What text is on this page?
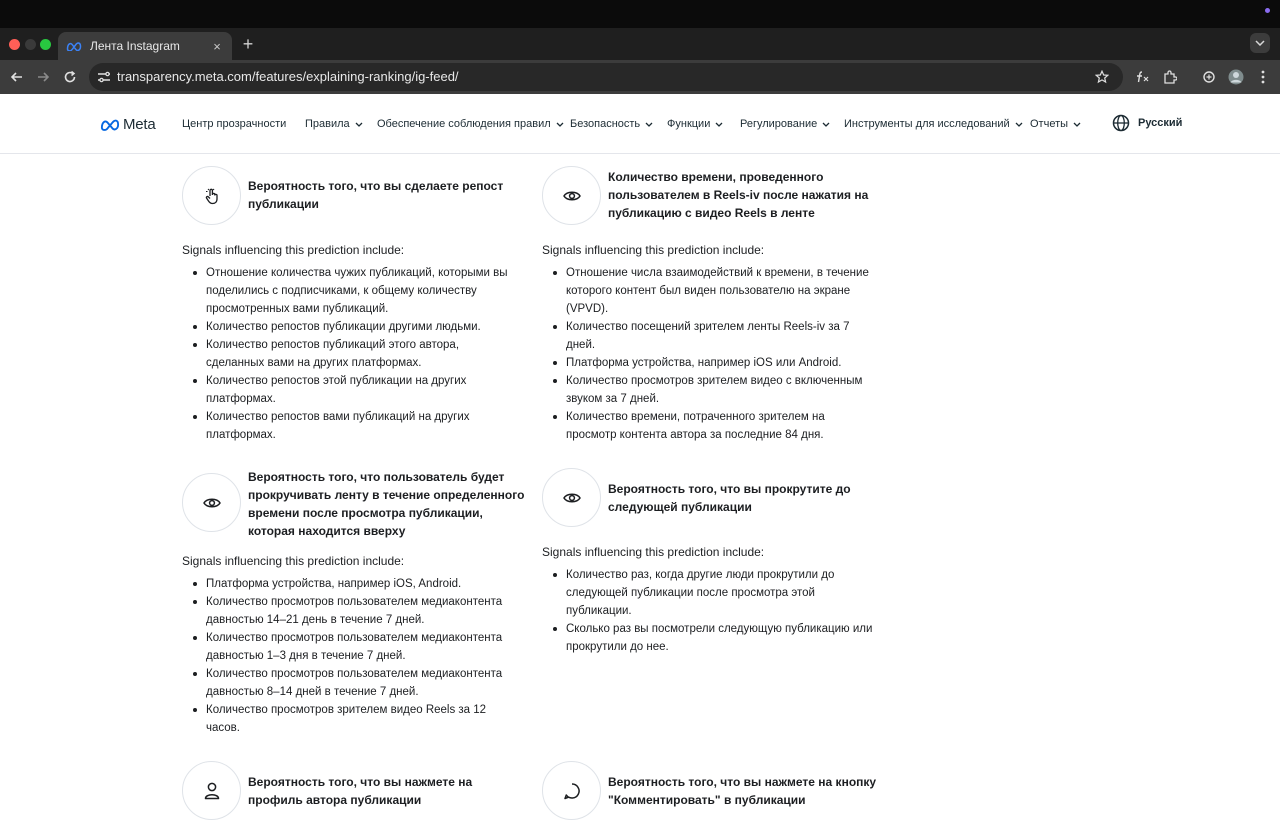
Лента Instagram	× +
transparency.meta.com/features/explaining-ranking/ig-feed/
Meta Центр прозрачности Правила Обеспечение соблюдения правил Безопасность Функции	Регулирование Инструменты для исследований Отчеты	Русский
Вероятность того, что вы сделаете репост публикации
Signals influencing this prediction include:
Отношение количества чужих публикаций, которыми вы поделились с подписчиками, к общему количеству просмотренных вами публикаций.
Количество репостов публикации другими людьми.
Количество репостов публикаций этого автора, сделанных вами на других платформах.
Количество репостов этой публикации на других платформах.
Количество репостов вами публикаций на других платформах.
Количество времени, проведенного пользователем в Reels-iv после нажатия на публикацию с видео Reels в ленте
Signals influencing this prediction include:
Отношение числа взаимодействий к времени, в течение которого контент был виден пользователю на экране (VPVD).
Количество посещений зрителем ленты Reels-iv за 7 дней.
Платформа устройства, например iOS или Android.
Количество просмотров зрителем видео с включенным звуком за 7 дней.
Количество времени, потраченного зрителем на просмотр контента автора за последние 84 дня.
Вероятность того, что пользователь будет прокручивать ленту в течение определенного времени после просмотра публикации, которая находится вверху
Signals influencing this prediction include:
Платформа устройства, например iOS, Android.
Количество просмотров пользователем медиаконтента давностью 14–21 день в течение 7 дней.
Количество просмотров пользователем медиаконтента давностью 1–3 дня в течение 7 дней.
Количество просмотров пользователем медиаконтента давностью 8–14 дней в течение 7 дней.
Количество просмотров зрителем видео Reels за 12 часов.
Вероятность того, что вы прокрутите до следующей публикации
Signals influencing this prediction include:
Количество раз, когда другие люди прокрутили до следующей публикации после просмотра этой публикации.
Сколько раз вы посмотрели следующую публикацию или прокрутили до нее.
Вероятность того, что вы нажмете на профиль автора публикации
Вероятность того, что вы нажмете на кнопку "Комментировать" в публикации
